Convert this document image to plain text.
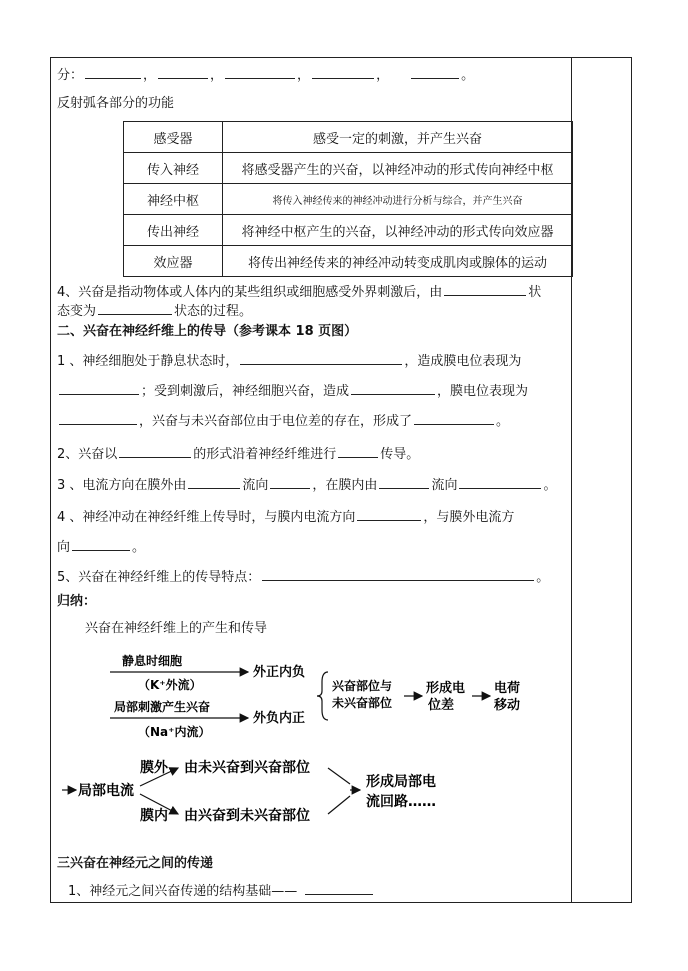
分：	，	，	，	，	。
反射弧各部分的功能
感受器	感受一定的刺激，并产生兴奋
传入神经	将感受器产生的兴奋，以神经冲动的形式传向神经中枢
神经中枢	将传入神经传来的神经冲动进行分析与综合，并产生兴奋
传出神经	将神经中枢产生的兴奋，以神经冲动的形式传向效应器
效应器	将传出神经传来的神经冲动转变成肌肉或腺体的运动
4、兴奋是指动物体或人体内的某些组织或细胞感受外界刺激后，由	状
态变为	状态的过程。
二、兴奋在神经纤维上的传导（参考课本 18 页图）
1 、神经细胞处于静息状态时，	，造成膜电位表现为
；受到刺激后，神经细胞兴奋，造成	，膜电位表现为
，兴奋与未兴奋部位由于电位差的存在，形成了	。
2、兴奋以	的形式沿着神经纤维进行	传导。
3 、电流方向在膜外由	流向	，在膜内由	流向	。
4 、神经冲动在神经纤维上传导时，与膜内电流方向	，与膜外电流方
向	。
5、兴奋在神经纤维上的传导特点：	。
归纳：
兴奋在神经纤维上的产生和传导
静息时细胞
（K⁺外流）
外正内负
局部刺激产生兴奋
（Na⁺内流）
外负内正
兴奋部位与
未兴奋部位
形成电
位差
电荷
移动
局部电流
膜外
膜内
由未兴奋到兴奋部位
由兴奋到未兴奋部位
形成局部电
流回路……
三兴奋在神经元之间的传递
1、神经元之间兴奋传递的结构基础——
